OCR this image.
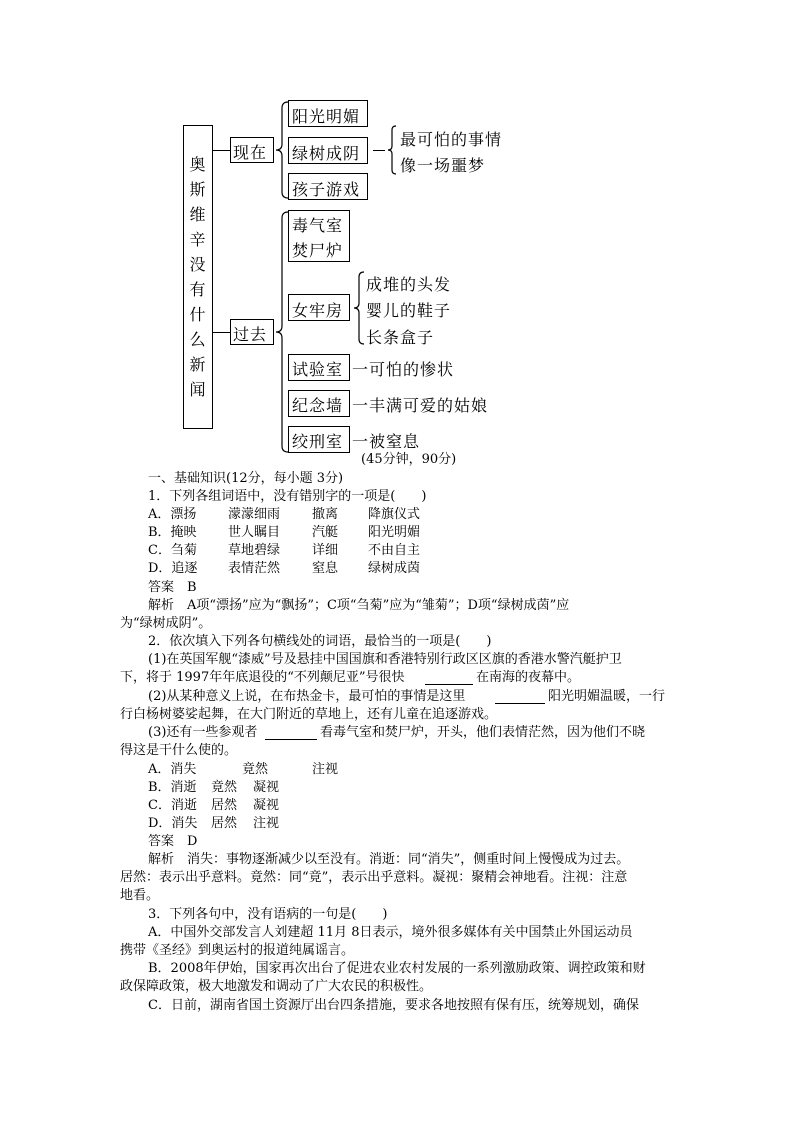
奥
斯
维
辛
没
有
什
么
新
闻
现在
阳光明媚
绿树成阴
孩子游戏
最可怕的事情
像一场噩梦
过去
毒气室
焚尸炉
女牢房
成堆的头发
婴儿的鞋子
长条盒子
试验室 一可怕的惨状
纪念墙 一丰满可爱的姑娘
绞刑室 一被窒息
(45分钟，90分)
一、基础知识(12分，每小题 3分)
1．下列各组词语中，没有错别字的一项是(　　)
A．漂扬 濛濛细雨 撤离 降旗仪式
B．掩映 世人瞩目 汽艇 阳光明媚
C．刍菊 草地碧绿 详细 不由自主
D．追逐 表情茫然 窒息 绿树成茵
答案　B
解析　A项“漂扬”应为“飘扬”；C项“刍菊”应为“雏菊”；D项“绿树成茵”应
为“绿树成阴”。
2．依次填入下列各句横线处的词语，最恰当的一项是(　　)
(1)在英国军舰“漆威”号及悬挂中国国旗和香港特别行政区区旗的香港水警汽艇护卫
下，将于 1997年年底退役的“不列颠尼亚”号很快	在南海的夜幕中。
(2)从某种意义上说，在布热金卡，最可怕的事情是这里	阳光明媚温暖，一行
行白杨树婆娑起舞，在大门附近的草地上，还有儿童在追逐游戏。
(3)还有一些参观者	看毒气室和焚尸炉，开头，他们表情茫然，因为他们不晓
得这是干什么使的。
A．消失	竟然	注视
B．消逝 竟然 凝视
C．消逝 居然 凝视
D．消失 居然 注视
答案　D
解析　消失：事物逐渐减少以至没有。消逝：同“消失”，侧重时间上慢慢成为过去。
居然：表示出乎意料。竟然：同“竟”，表示出乎意料。凝视：聚精会神地看。注视：注意
地看。
3．下列各句中，没有语病的一句是(　　)
A．中国外交部发言人刘建超 11月 8日表示，境外很多媒体有关中国禁止外国运动员
携带《圣经》到奥运村的报道纯属谣言。
B．2008年伊始，国家再次出台了促进农业农村发展的一系列激励政策、调控政策和财
政保障政策，极大地激发和调动了广大农民的积极性。
C．日前，湖南省国土资源厅出台四条措施，要求各地按照有保有压，统筹规划，确保
